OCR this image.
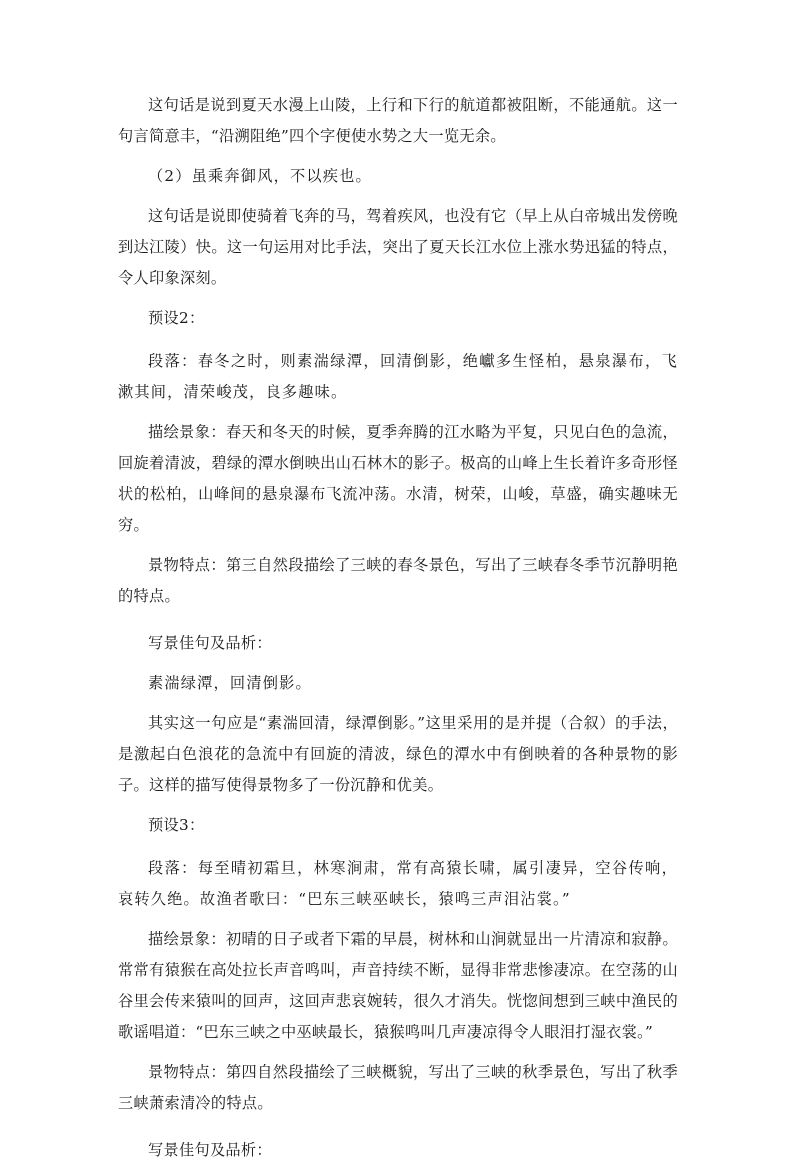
这句话是说到夏天水漫上山陵，上行和下行的航道都被阻断，不能通航。这一句言简意丰，“沿溯阻绝”四个字便使水势之大一览无余。

（2）虽乘奔御风，不以疾也。

这句话是说即使骑着飞奔的马，驾着疾风，也没有它（早上从白帝城出发傍晚到达江陵）快。这一句运用对比手法，突出了夏天长江水位上涨水势迅猛的特点，令人印象深刻。

预设2：

段落：春冬之时，则素湍绿潭，回清倒影，绝巘多生怪柏，悬泉瀑布，飞漱其间，清荣峻茂，良多趣味。

描绘景象：春天和冬天的时候，夏季奔腾的江水略为平复，只见白色的急流，回旋着清波，碧绿的潭水倒映出山石林木的影子。极高的山峰上生长着许多奇形怪状的松柏，山峰间的悬泉瀑布飞流冲荡。水清，树荣，山峻，草盛，确实趣味无穷。

景物特点：第三自然段描绘了三峡的春冬景色，写出了三峡春冬季节沉静明艳的特点。

写景佳句及品析：

素湍绿潭，回清倒影。

其实这一句应是“素湍回清，绿潭倒影。”这里采用的是并提（合叙）的手法，是激起白色浪花的急流中有回旋的清波，绿色的潭水中有倒映着的各种景物的影子。这样的描写使得景物多了一份沉静和优美。

预设3：

段落：每至晴初霜旦，林寒涧肃，常有高猿长啸，属引凄异，空谷传响，哀转久绝。故渔者歌曰：“巴东三峡巫峡长，猿鸣三声泪沾裳。”

描绘景象：初晴的日子或者下霜的早晨，树林和山涧就显出一片清凉和寂静。常常有猿猴在高处拉长声音鸣叫，声音持续不断，显得非常悲惨凄凉。在空荡的山谷里会传来猿叫的回声，这回声悲哀婉转，很久才消失。恍惚间想到三峡中渔民的歌谣唱道：“巴东三峡之中巫峡最长，猿猴鸣叫几声凄凉得令人眼泪打湿衣裳。”

景物特点：第四自然段描绘了三峡概貌，写出了三峡的秋季景色，写出了秋季三峡萧索清冷的特点。

写景佳句及品析：
